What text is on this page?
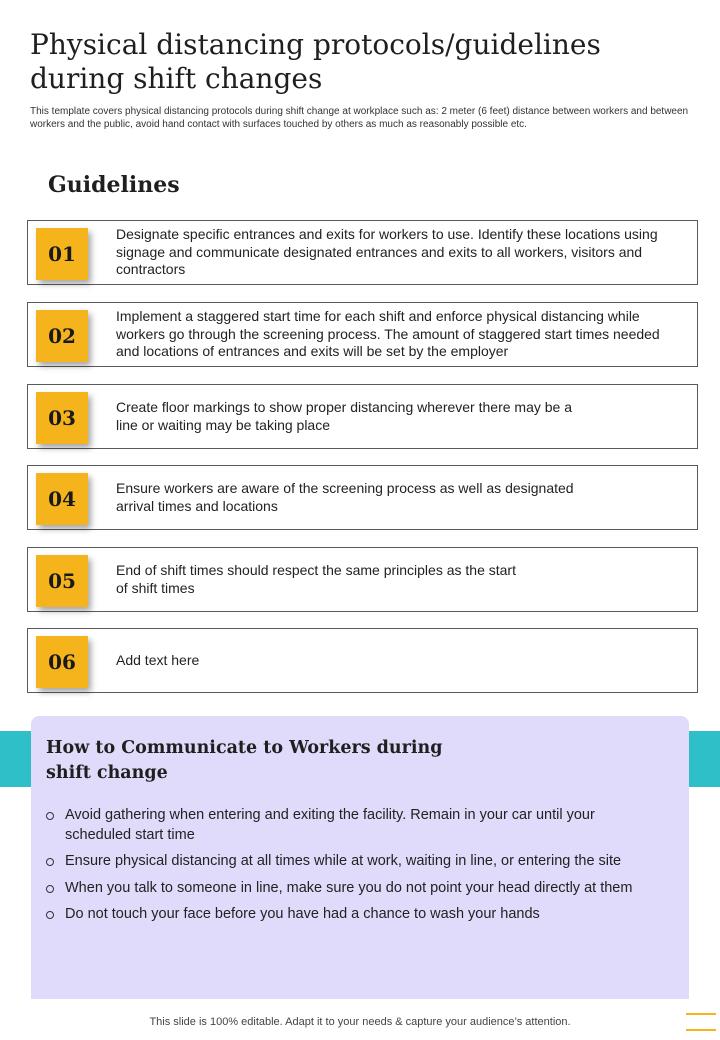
Physical distancing protocols/guidelines during shift changes

This template covers physical distancing protocols during shift change at workplace such as: 2 meter (6 feet) distance between workers and between workers and the public, avoid hand contact with surfaces touched by others as much as reasonably possible etc.

Guidelines
01
Designate specific entrances and exits for workers to use. Identify these locations using signage and communicate designated entrances and exits to all workers, visitors and contractors
02
Implement a staggered start time for each shift and enforce physical distancing while workers go through the screening process. The amount of staggered start times needed and locations of entrances and exits will be set by the employer
03	Create floor markings to show proper distancing wherever there may be a line or waiting may be taking place
04	Ensure workers are aware of the screening process as well as designated arrival times and locations
05	End of shift times should respect the same principles as the start of shift times
06	Add text here
How to Communicate to Workers during shift change
Avoid gathering when entering and exiting the facility. Remain in your car until your scheduled start time
Ensure physical distancing at all times while at work, waiting in line, or entering the site
When you talk to someone in line, make sure you do not point your head directly at them
Do not touch your face before you have had a chance to wash your hands

This slide is 100% editable. Adapt it to your needs & capture your audience’s attention.
